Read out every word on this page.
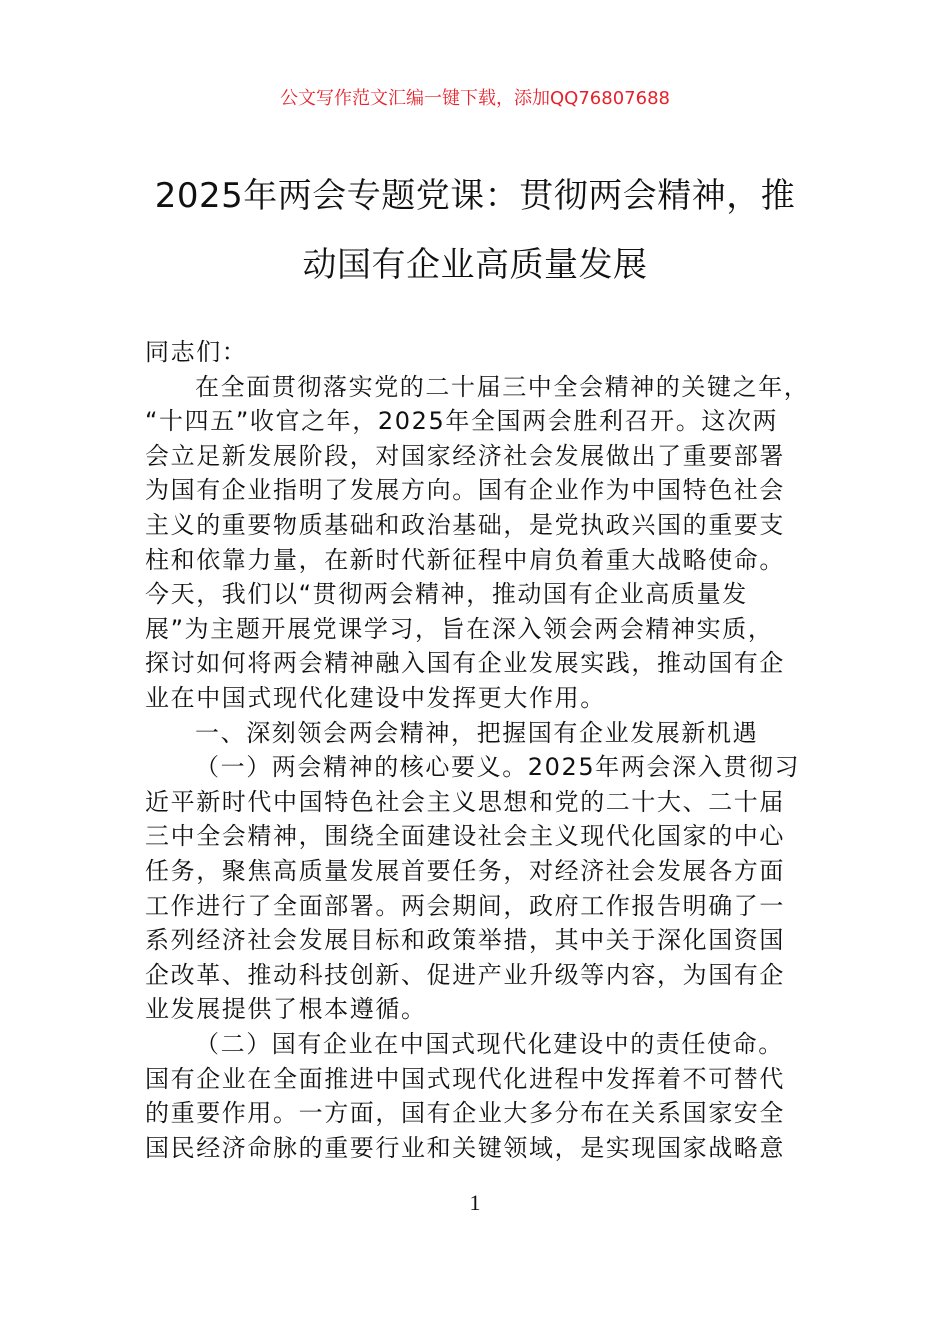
公文写作范文汇编一键下载，添加QQ76807688
2025年两会专题党课：贯彻两会精神，推
动国有企业高质量发展
同志们：
在全面贯彻落实党的二十届三中全会精神的关键之年，
“十四五”收官之年，2025年全国两会胜利召开。这次两
会立足新发展阶段，对国家经济社会发展做出了重要部署
为国有企业指明了发展方向。国有企业作为中国特色社会
主义的重要物质基础和政治基础，是党执政兴国的重要支
柱和依靠力量，在新时代新征程中肩负着重大战略使命。
今天，我们以“贯彻两会精神，推动国有企业高质量发
展”为主题开展党课学习，旨在深入领会两会精神实质，
探讨如何将两会精神融入国有企业发展实践，推动国有企
业在中国式现代化建设中发挥更大作用。
一、深刻领会两会精神，把握国有企业发展新机遇
（一）两会精神的核心要义。2025年两会深入贯彻习
近平新时代中国特色社会主义思想和党的二十大、二十届
三中全会精神，围绕全面建设社会主义现代化国家的中心
任务，聚焦高质量发展首要任务，对经济社会发展各方面
工作进行了全面部署。两会期间，政府工作报告明确了一
系列经济社会发展目标和政策举措，其中关于深化国资国
企改革、推动科技创新、促进产业升级等内容，为国有企
业发展提供了根本遵循。
（二）国有企业在中国式现代化建设中的责任使命。
国有企业在全面推进中国式现代化进程中发挥着不可替代
的重要作用。一方面，国有企业大多分布在关系国家安全
国民经济命脉的重要行业和关键领域，是实现国家战略意
1
